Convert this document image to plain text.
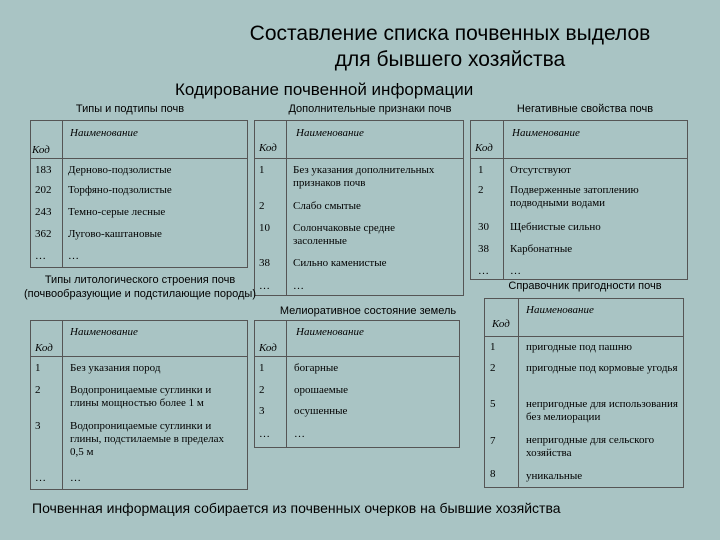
Составление списка почвенных выделов
для бывшего хозяйства
Кодирование почвенной информации
Типы и подтипы почв	Дополнительные признаки почв	Негативные свойства почв
Код
Наименование
183 Дерново-подзолистые
202 Торфяно-подзолистые
243 Темно-серые лесные
362 Лугово-каштановые
… …
Код
Наименование
1	Без указания дополнительных признаков почв
2	Слабо смытые
10 Солончаковые средне засоленные
38 Сильно каменистые
… …
Код
Наименование
1 Отсутствуют
2 Подверженные затоплению подводными водами
30 Щебнистые сильно
38 Карбонатные
… …
Типы литологического строения почв (почвообразующие и подстилающие породы)
Мелиоративное состояние земель
Справочник пригодности почв
Код
Наименование
1	Без указания пород
2	Водопроницаемые суглинки и глины мощностью более 1 м
3	Водопроницаемые суглинки и глины, подстилаемые в пределах 0,5 м
… …
Код
Наименование
1	богарные
2	орошаемые
3	осушенные
… …
Код
Наименование
1	пригодные под пашню
2	пригодные под кормовые угодья
5	непригодные для использования без мелиорации
7	непригодные для сельского хозяйства
8	уникальные
Почвенная информация собирается из почвенных очерков на бывшие хозяйства
